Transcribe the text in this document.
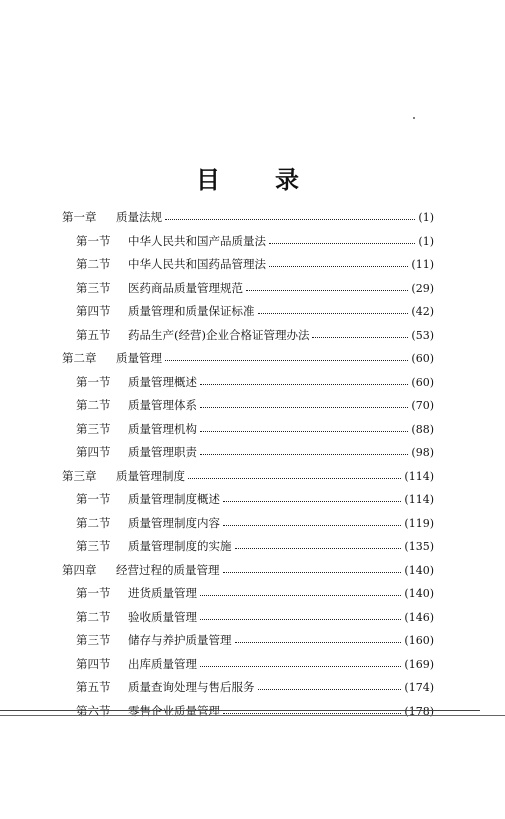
目 录
第一章	质量法规	(1)
第一节	中华人民共和国产品质量法	(1)
第二节	中华人民共和国药品管理法	(11)
第三节	医药商品质量管理规范	(29)
第四节	质量管理和质量保证标准	(42)
第五节	药品生产(经营)企业合格证管理办法	(53)
第二章	质量管理	(60)
第一节	质量管理概述	(60)
第二节	质量管理体系	(70)
第三节	质量管理机构	(88)
第四节	质量管理职责	(98)
第三章	质量管理制度	(114)
第一节	质量管理制度概述	(114)
第二节	质量管理制度内容	(119)
第三节	质量管理制度的实施	(135)
第四章	经营过程的质量管理	(140)
第一节	进货质量管理	(140)
第二节	验收质量管理	(146)
第三节	储存与养护质量管理	(160)
第四节	出库质量管理	(169)
第五节	质量查询处理与售后服务	(174)
第六节	零售企业质量管理	(178)
